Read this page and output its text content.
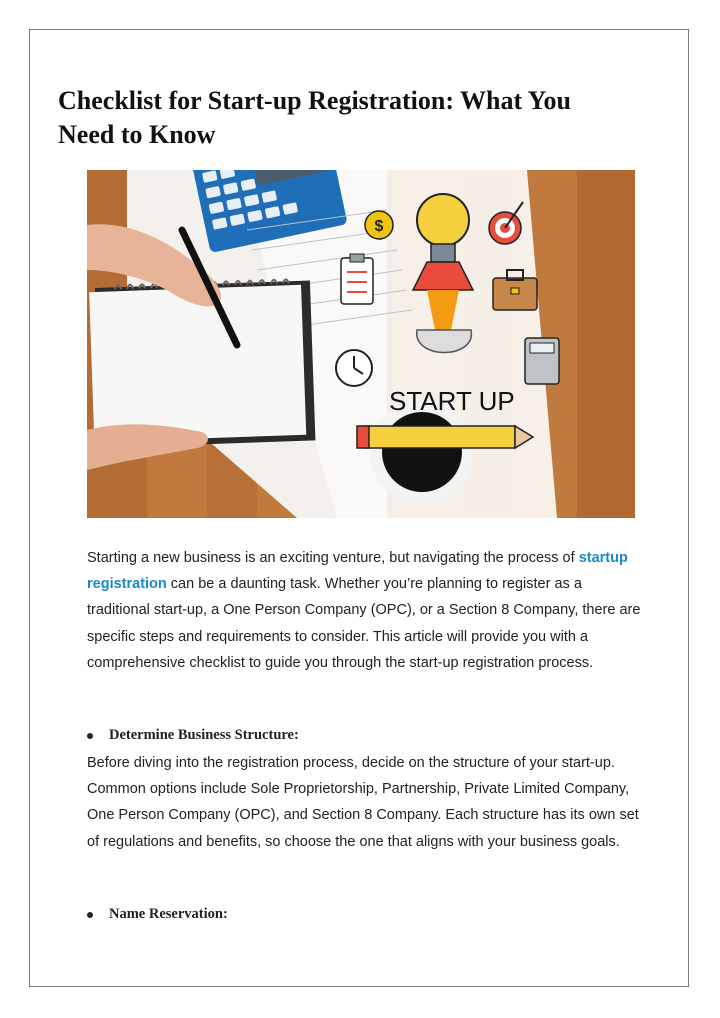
Checklist for Start-up Registration: What You Need to Know
$
START UP

Starting a new business is an exciting venture, but navigating the process of startup registration can be a daunting task. Whether you’re planning to register as a traditional start-up, a One Person Company (OPC), or a Section 8 Company, there are specific steps and requirements to consider. This article will provide you with a comprehensive checklist to guide you through the start-up registration process.

Determine Business Structure:

Before diving into the registration process, decide on the structure of your start-up. Common options include Sole Proprietorship, Partnership, Private Limited Company, One Person Company (OPC), and Section 8 Company. Each structure has its own set of regulations and benefits, so choose the one that aligns with your business goals.

Name Reservation:
